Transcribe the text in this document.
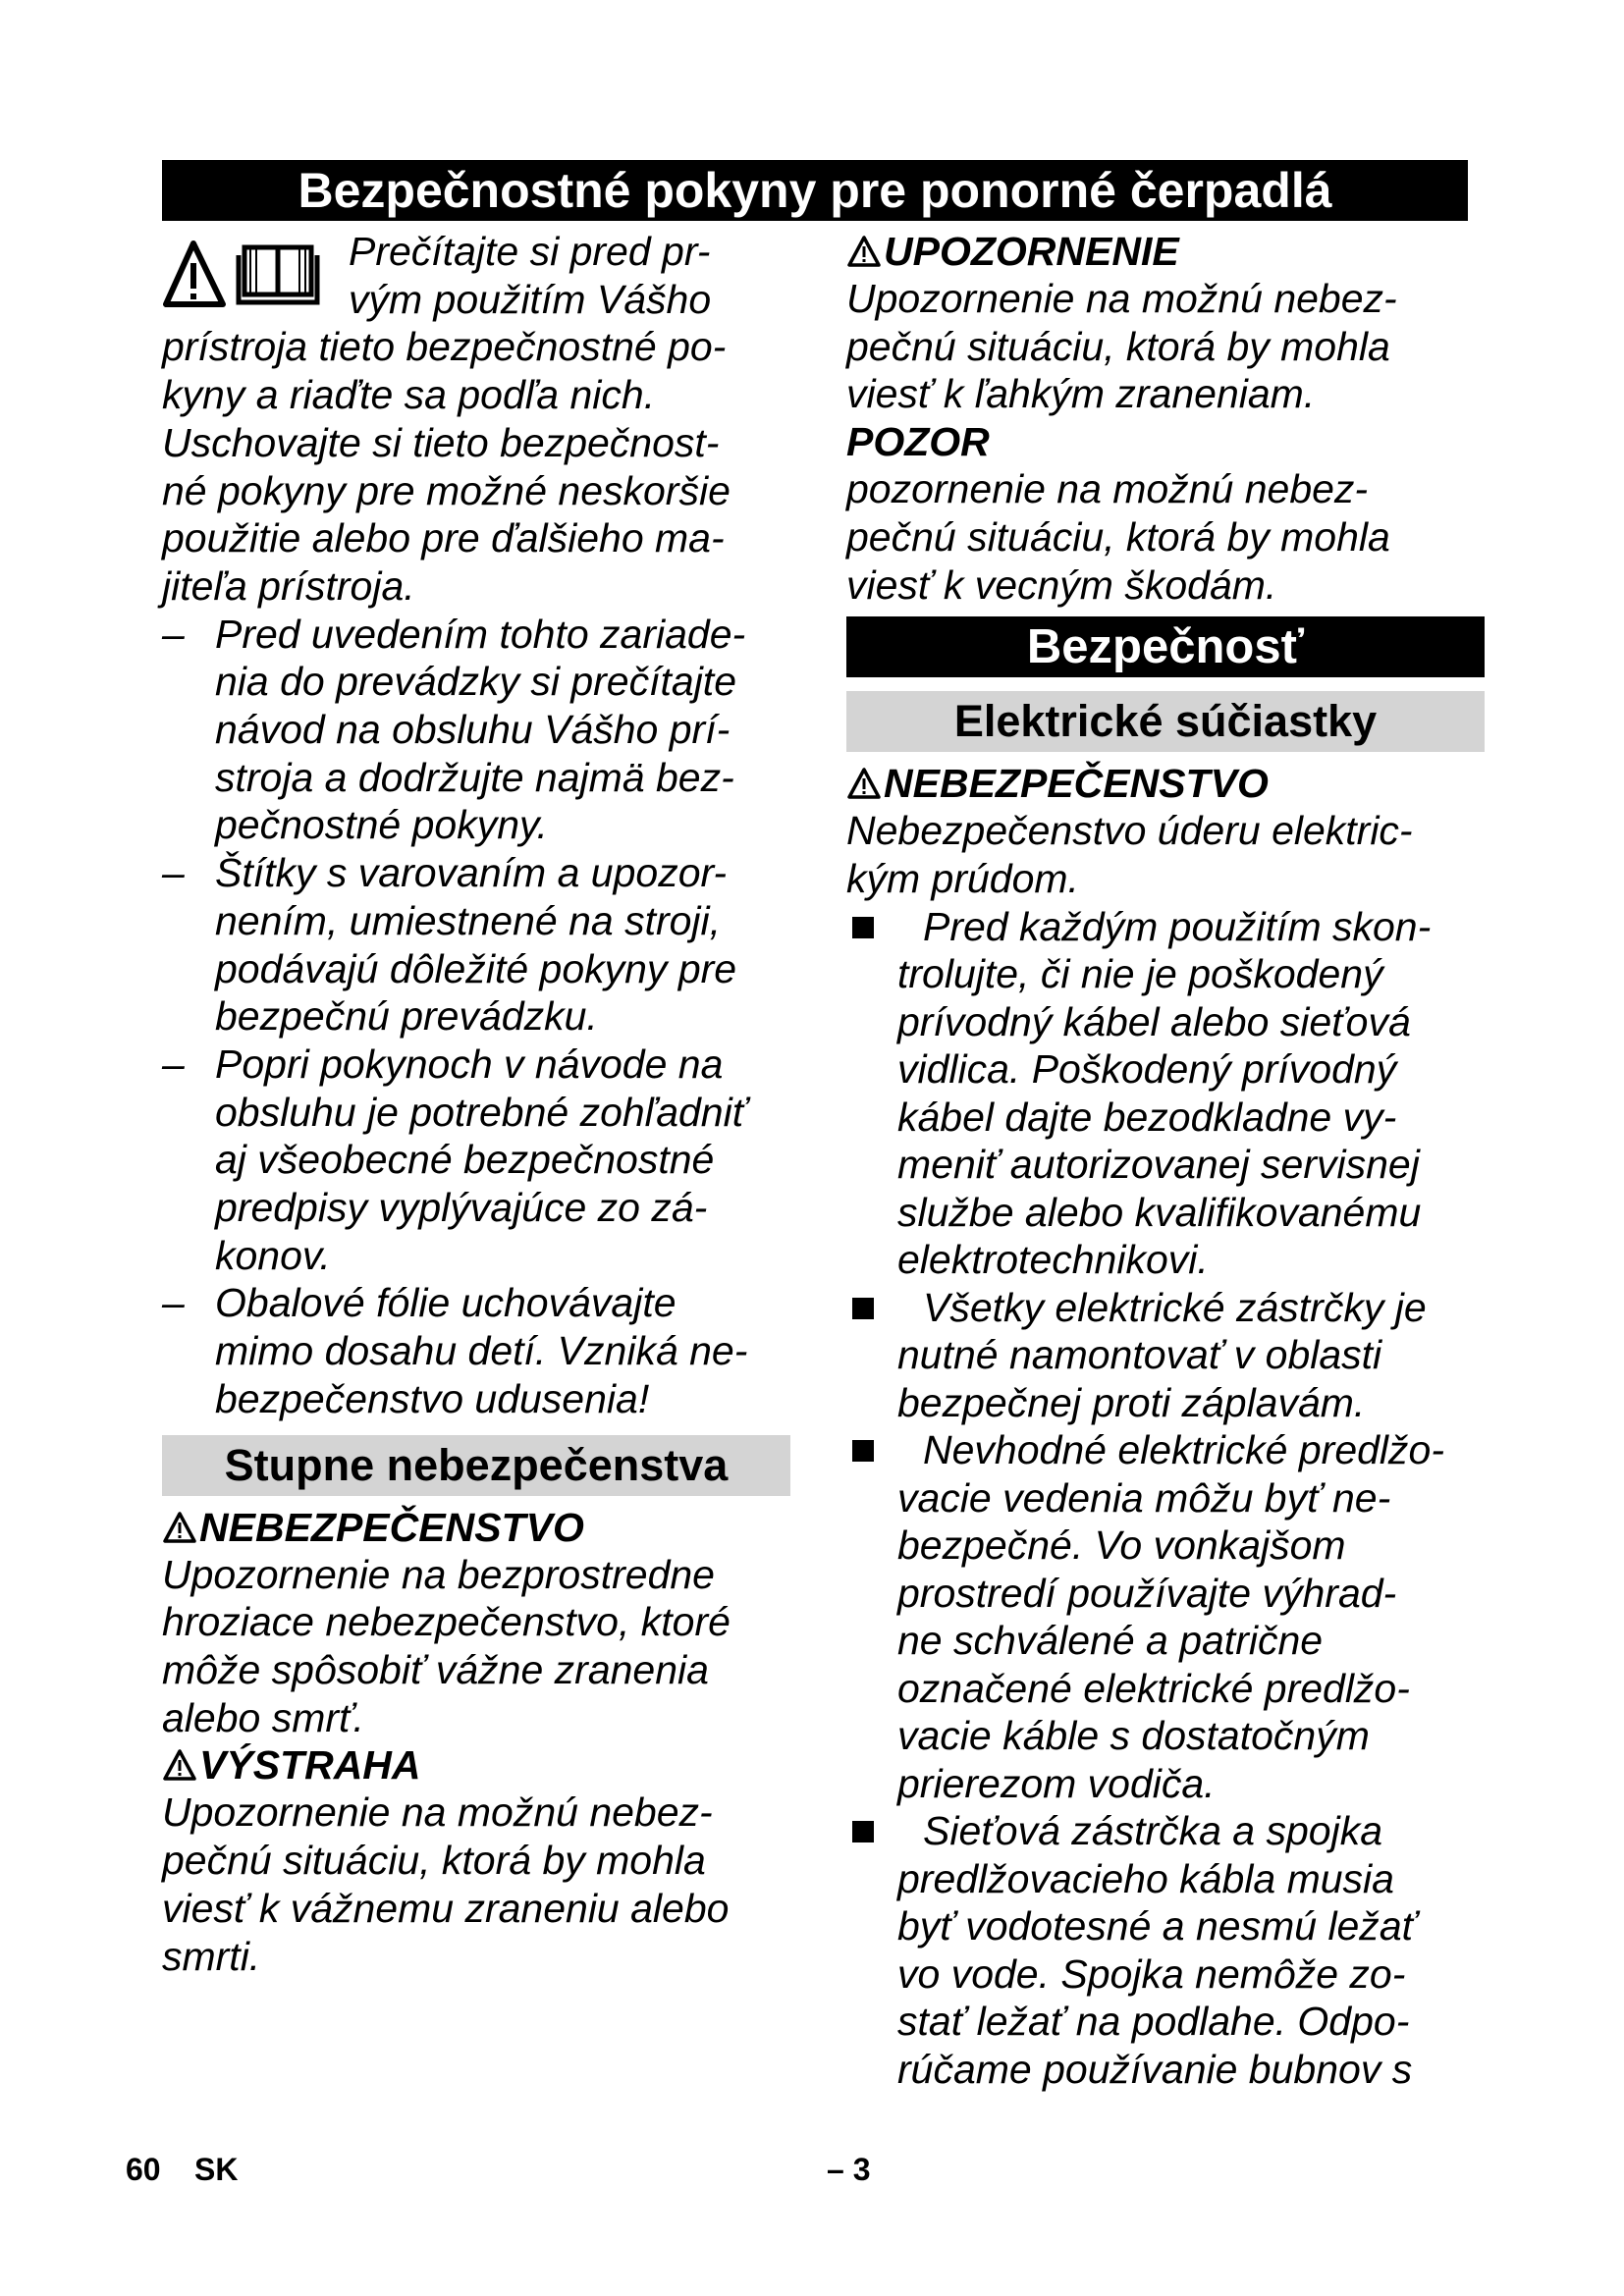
Bezpečnostné pokyny pre ponorné čerpadlá

Prečítajte si pred pr-
vým použitím Vášho

prístroja tieto bezpečnostné po-
kyny a riaďte sa podľa nich.
Uschovajte si tieto bezpečnost-
né pokyny pre možné neskoršie
použitie alebo pre ďalšieho ma-
jiteľa prístroja.

– Pred uvedením tohto zariade-
nia do prevádzky si prečítajte
návod na obsluhu Vášho prí-
stroja a dodržujte najmä bez-
pečnostné pokyny.
– Štítky s varovaním a upozor-
nením, umiestnené na stroji,
podávajú dôležité pokyny pre
bezpečnú prevádzku.
– Popri pokynoch v návode na
obsluhu je potrebné zohľadniť
aj všeobecné bezpečnostné
predpisy vyplývajúce zo zá-
konov.
– Obalové fólie uchovávajte
mimo dosahu detí. Vzniká ne-
bezpečenstvo udusenia!
Stupne nebezpečenstva
NEBEZPEČENSTVO

Upozornenie na bezprostredne
hroziace nebezpečenstvo, ktoré
môže spôsobiť vážne zranenia
alebo smrť.

VÝSTRAHA

Upozornenie na možnú nebez-
pečnú situáciu, ktorá by mohla
viesť k vážnemu zraneniu alebo
smrti.

UPOZORNENIE

Upozornenie na možnú nebez-
pečnú situáciu, ktorá by mohla
viesť k ľahkým zraneniam.

POZOR

pozornenie na možnú nebez-
pečnú situáciu, ktorá by mohla
viesť k vecným škodám.

Bezpečnosť
Elektrické súčiastky
NEBEZPEČENSTVO

Nebezpečenstvo úderu elektric-
kým prúdom.

Pred každým použitím skon-
trolujte, či nie je poškodený
prívodný kábel alebo sieťová
vidlica. Poškodený prívodný
kábel dajte bezodkladne vy-
meniť autorizovanej servisnej
službe alebo kvalifikovanému
elektrotechnikovi.
Všetky elektrické zástrčky je
nutné namontovať v oblasti
bezpečnej proti záplavám.
Nevhodné elektrické predlžo-
vacie vedenia môžu byť ne-
bezpečné. Vo vonkajšom
prostredí používajte výhrad-
ne schválené a patrične
označené elektrické predlžo-
vacie káble s dostatočným
prierezom vodiča.
Sieťová zástrčka a spojka
predlžovacieho kábla musia
byť vodotesné a nesmú ležať
vo vode. Spojka nemôže zo-
stať ležať na podlahe. Odpo-
rúčame používanie bubnov s
60 SK	– 3
